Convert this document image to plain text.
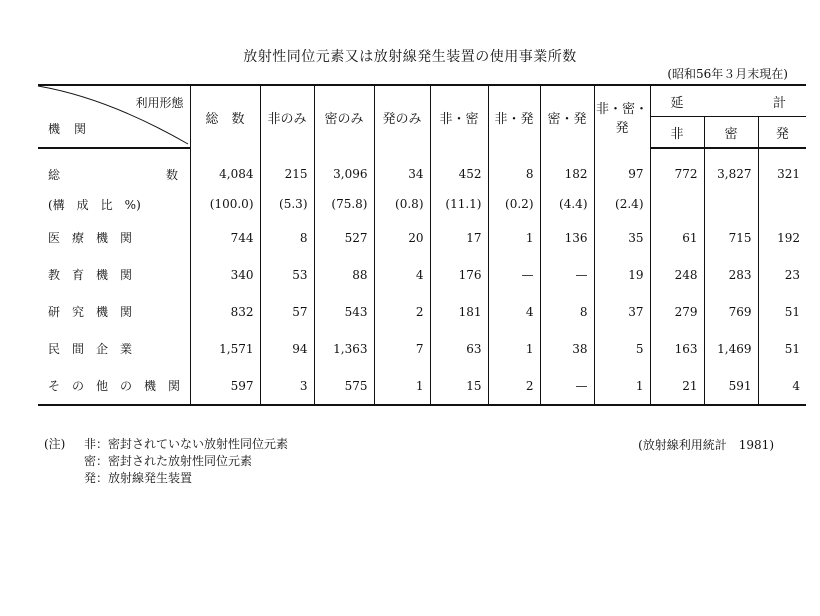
放射性同位元素又は放射線発生装置の使用事業所数
(昭和56年３月末現在)
利用形態
機関	総　数	非のみ	密のみ	発のみ	非・密	非・発	密・発	非・密・発	延 計		

									非	密	発

総 数	4,084	215	3,096	34	452	8	182	97	772	3,827	321
(構　成　比　%)	(100.0)	(5.3)	(75.8)	(0.8)	(11.1)	(0.2)	(4.4)	(2.4)			
医　療　機　関	744	8	527	20	17	1	136	35	61	715	192
教　育　機　関	340	53	88	4	176	—	—	19	248	283	23
研　究　機　関	832	57	543	2	181	4	8	37	279	769	51
民　間　企　業	1,571	94	1,363	7	63	1	38	5	163	1,469	51
そ　の　他　の　機　関	597	3	575	1	15	2	—	1	21	591	4
(注)	非：密封されていない放射性同位元素
密：密封された放射性同位元素
発：放射線発生装置
(放射線利用統計　1981)
